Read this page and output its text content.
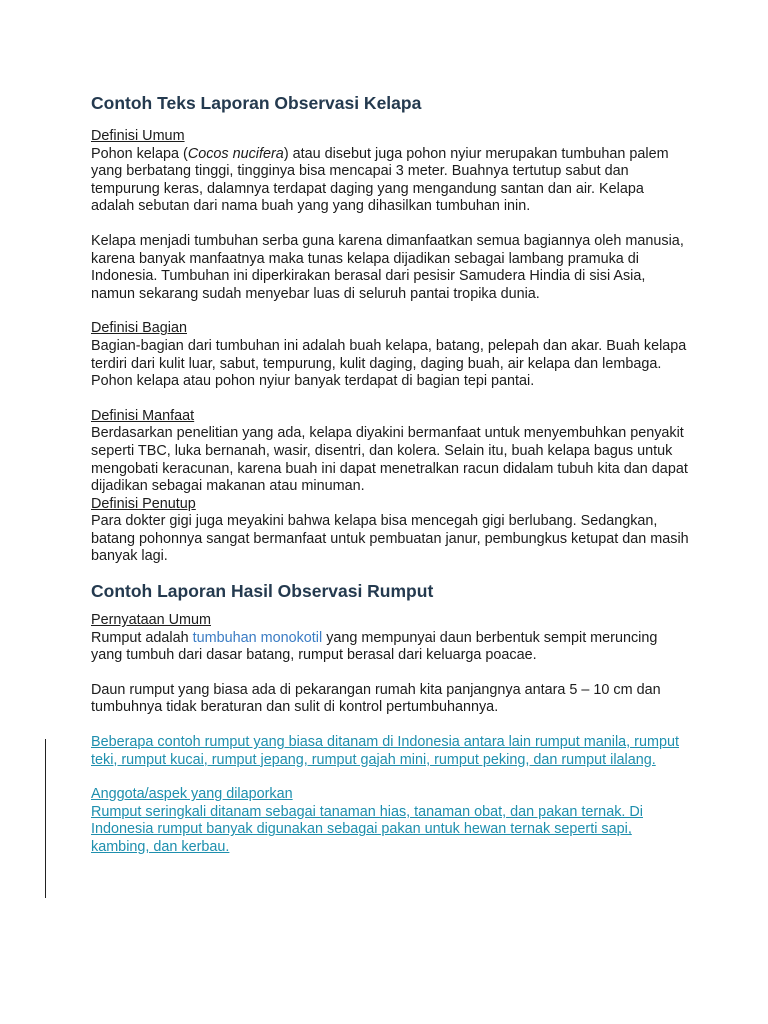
Contoh Teks Laporan Observasi Kelapa
Definisi Umum

Pohon kelapa (Cocos nucifera) atau disebut juga pohon nyiur merupakan tumbuhan palem yang berbatang tinggi, tingginya bisa mencapai 3 meter. Buahnya tertutup sabut dan tempurung keras, dalamnya terdapat daging yang mengandung santan dan air. Kelapa adalah sebutan dari nama buah yang yang dihasilkan tumbuhan inin.

Kelapa menjadi tumbuhan serba guna karena dimanfaatkan semua bagiannya oleh manusia, karena banyak manfaatnya maka tunas kelapa dijadikan sebagai lambang pramuka di Indonesia. Tumbuhan ini diperkirakan berasal dari pesisir Samudera Hindia di sisi Asia, namun sekarang sudah menyebar luas di seluruh pantai tropika dunia.

Definisi Bagian

Bagian-bagian dari tumbuhan ini adalah buah kelapa, batang, pelepah dan akar. Buah kelapa terdiri dari kulit luar, sabut, tempurung, kulit daging, daging buah, air kelapa dan lembaga. Pohon kelapa atau pohon nyiur banyak terdapat di bagian tepi pantai.

Definisi Manfaat

Berdasarkan penelitian yang ada, kelapa diyakini bermanfaat untuk menyembuhkan penyakit seperti TBC, luka bernanah, wasir, disentri, dan kolera. Selain itu, buah kelapa bagus untuk mengobati keracunan, karena buah ini dapat menetralkan racun didalam tubuh kita dan dapat dijadikan sebagai makanan atau minuman.

Definisi Penutup

Para dokter gigi juga meyakini bahwa kelapa bisa mencegah gigi berlubang. Sedangkan, batang pohonnya sangat bermanfaat untuk pembuatan janur, pembungkus ketupat dan masih banyak lagi.

Contoh Laporan Hasil Observasi Rumput
Pernyataan Umum

Rumput adalah tumbuhan monokotil yang mempunyai daun berbentuk sempit meruncing yang tumbuh dari dasar batang, rumput berasal dari keluarga poacae.

Daun rumput yang biasa ada di pekarangan rumah kita panjangnya antara 5 – 10 cm dan tumbuhnya tidak beraturan dan sulit di kontrol pertumbuhannya.

Beberapa contoh rumput yang biasa ditanam di Indonesia antara lain rumput manila, rumput teki, rumput kucai, rumput jepang, rumput gajah mini, rumput peking, dan rumput ilalang.

Anggota/aspek yang dilaporkan

Rumput seringkali ditanam sebagai tanaman hias, tanaman obat, dan pakan ternak. Di Indonesia rumput banyak digunakan sebagai pakan untuk hewan ternak seperti sapi, kambing, dan kerbau.
